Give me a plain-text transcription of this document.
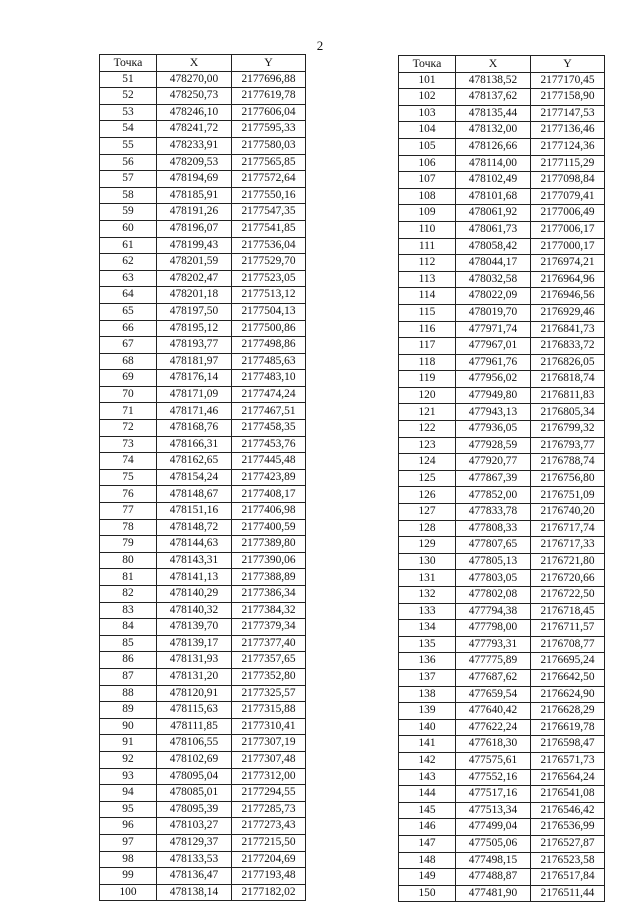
2
Точка	X	Y
51	478270,00	2177696,88
52	478250,73	2177619,78
53	478246,10	2177606,04
54	478241,72	2177595,33
55	478233,91	2177580,03
56	478209,53	2177565,85
57	478194,69	2177572,64
58	478185,91	2177550,16
59	478191,26	2177547,35
60	478196,07	2177541,85
61	478199,43	2177536,04
62	478201,59	2177529,70
63	478202,47	2177523,05
64	478201,18	2177513,12
65	478197,50	2177504,13
66	478195,12	2177500,86
67	478193,77	2177498,86
68	478181,97	2177485,63
69	478176,14	2177483,10
70	478171,09	2177474,24
71	478171,46	2177467,51
72	478168,76	2177458,35
73	478166,31	2177453,76
74	478162,65	2177445,48
75	478154,24	2177423,89
76	478148,67	2177408,17
77	478151,16	2177406,98
78	478148,72	2177400,59
79	478144,63	2177389,80
80	478143,31	2177390,06
81	478141,13	2177388,89
82	478140,29	2177386,34
83	478140,32	2177384,32
84	478139,70	2177379,34
85	478139,17	2177377,40
86	478131,93	2177357,65
87	478131,20	2177352,80
88	478120,91	2177325,57
89	478115,63	2177315,88
90	478111,85	2177310,41
91	478106,55	2177307,19
92	478102,69	2177307,48
93	478095,04	2177312,00
94	478085,01	2177294,55
95	478095,39	2177285,73
96	478103,27	2177273,43
97	478129,37	2177215,50
98	478133,53	2177204,69
99	478136,47	2177193,48
100	478138,14	2177182,02
Точка	X	Y
101	478138,52	2177170,45
102	478137,62	2177158,90
103	478135,44	2177147,53
104	478132,00	2177136,46
105	478126,66	2177124,36
106	478114,00	2177115,29
107	478102,49	2177098,84
108	478101,68	2177079,41
109	478061,92	2177006,49
110	478061,73	2177006,17
111	478058,42	2177000,17
112	478044,17	2176974,21
113	478032,58	2176964,96
114	478022,09	2176946,56
115	478019,70	2176929,46
116	477971,74	2176841,73
117	477967,01	2176833,72
118	477961,76	2176826,05
119	477956,02	2176818,74
120	477949,80	2176811,83
121	477943,13	2176805,34
122	477936,05	2176799,32
123	477928,59	2176793,77
124	477920,77	2176788,74
125	477867,39	2176756,80
126	477852,00	2176751,09
127	477833,78	2176740,20
128	477808,33	2176717,74
129	477807,65	2176717,33
130	477805,13	2176721,80
131	477803,05	2176720,66
132	477802,08	2176722,50
133	477794,38	2176718,45
134	477798,00	2176711,57
135	477793,31	2176708,77
136	477775,89	2176695,24
137	477687,62	2176642,50
138	477659,54	2176624,90
139	477640,42	2176628,29
140	477622,24	2176619,78
141	477618,30	2176598,47
142	477575,61	2176571,73
143	477552,16	2176564,24
144	477517,16	2176541,08
145	477513,34	2176546,42
146	477499,04	2176536,99
147	477505,06	2176527,87
148	477498,15	2176523,58
149	477488,87	2176517,84
150	477481,90	2176511,44
